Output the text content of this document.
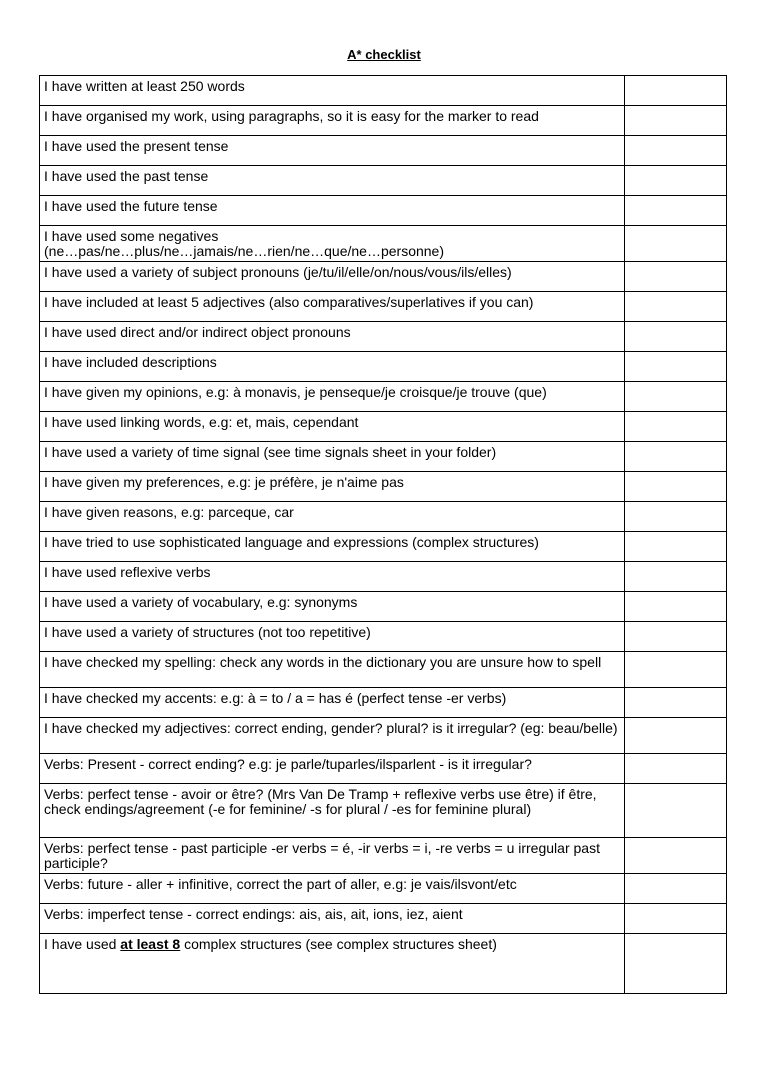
A* checklist
I have written at least 250 words	
I have organised my work, using paragraphs, so it is easy for the marker to read	
I have used the present tense	
I have used the past tense	
I have used the future tense	
I have used some negatives
(ne…pas/ne…plus/ne…jamais/ne…rien/ne…que/ne…personne)	
I have used a variety of subject pronouns (je/tu/il/elle/on/nous/vous/ils/elles)	
I have included at least 5 adjectives (also comparatives/superlatives if you can)	
I have used direct and/or indirect object pronouns	
I have included descriptions	
I have given my opinions, e.g: à monavis, je penseque/je croisque/je trouve (que)	
I have used linking words, e.g: et, mais, cependant	
I have used a variety of time signal (see time signals sheet in your folder)	
I have given my preferences, e.g: je préfère, je n'aime pas	
I have given reasons, e.g: parceque, car	
I have tried to use sophisticated language and expressions (complex structures)	
I have used reflexive verbs	
I have used a variety of vocabulary, e.g: synonyms	
I have used a variety of structures (not too repetitive)	
I have checked my spelling: check any words in the dictionary you are unsure how to spell	
I have checked my accents: e.g: à = to / a = has é (perfect tense -er verbs)	
I have checked my adjectives: correct ending, gender? plural? is it irregular? (eg: beau/belle)	
Verbs: Present - correct ending? e.g: je parle/tuparles/ilsparlent - is it irregular?	
Verbs: perfect tense - avoir or être? (Mrs Van De Tramp + reflexive verbs use être) if être, check endings/agreement (-e for feminine/ -s for plural / -es for feminine plural)	
Verbs: perfect tense - past participle -er verbs = é, -ir verbs = i, -re verbs = u irregular past participle?	
Verbs: future - aller + infinitive, correct the part of aller, e.g: je vais/ilsvont/etc	
Verbs: imperfect tense - correct endings: ais, ais, ait, ions, iez, aient	
I have used at least 8 complex structures (see complex structures sheet)	
